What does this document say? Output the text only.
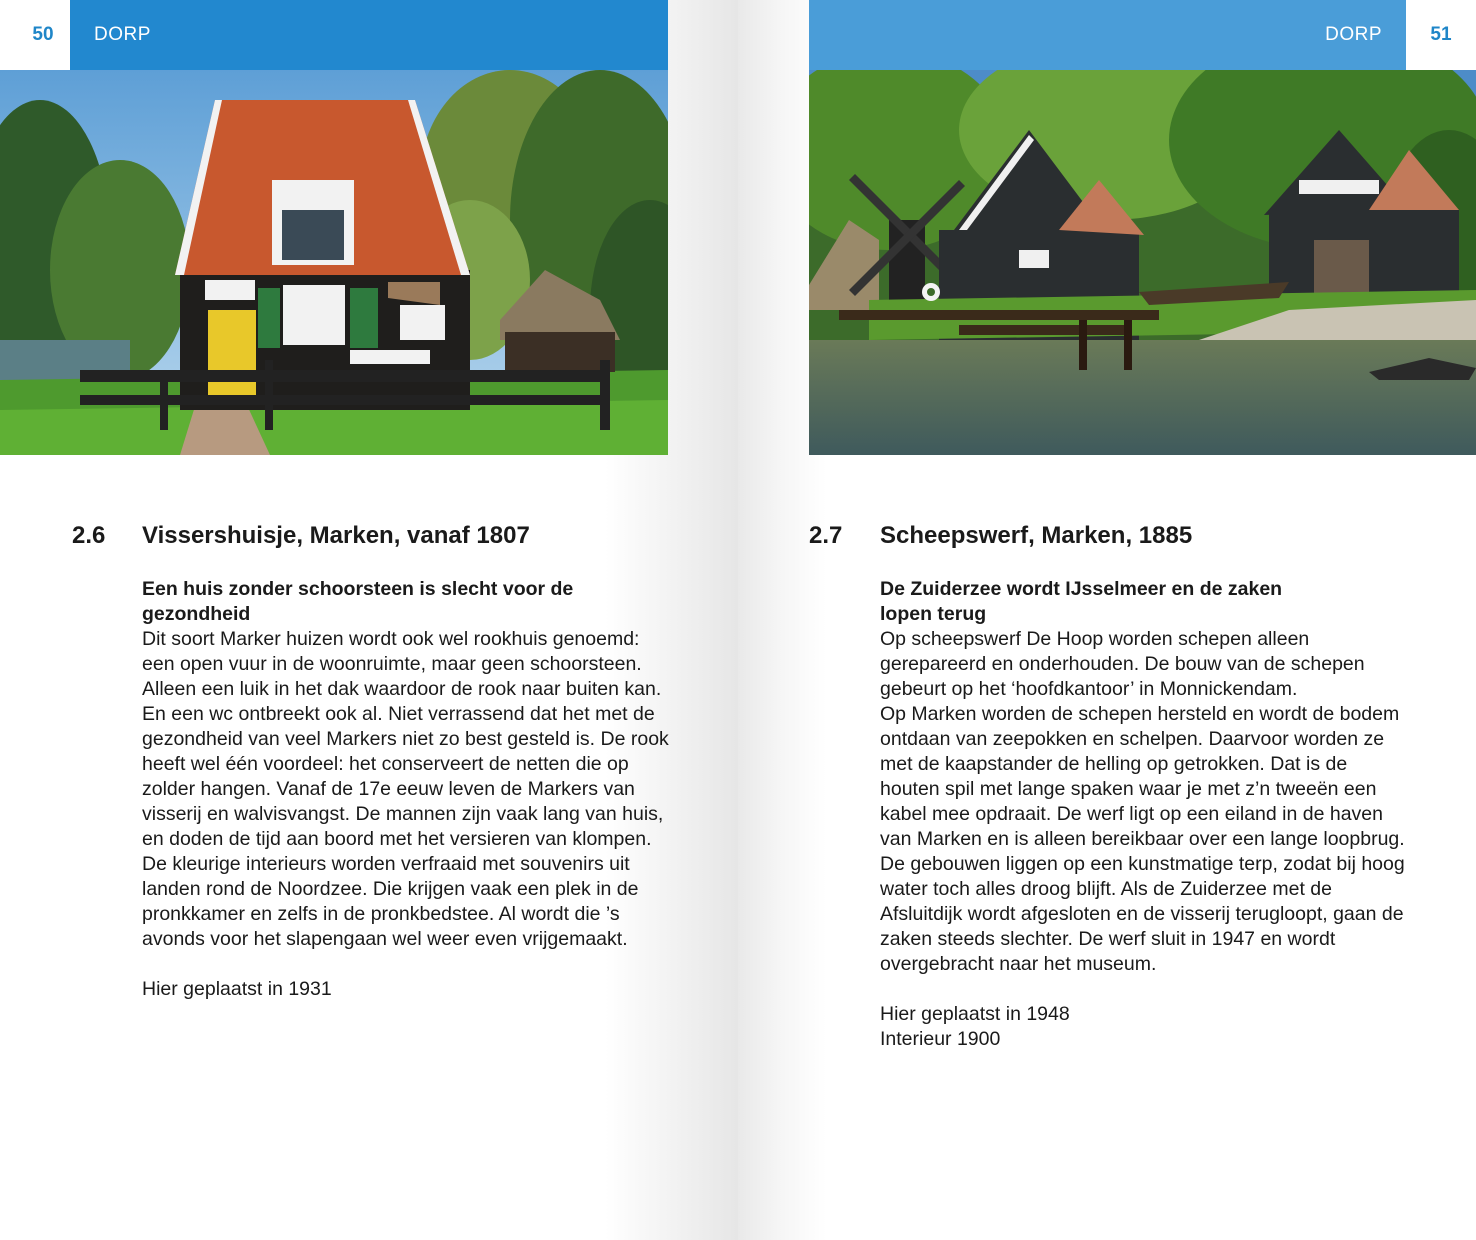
50	DORP
2.6 Vissershuisje, Marken, vanaf 1807
Een huis zonder schoorsteen is slecht voor de gezondheid
Dit soort Marker huizen wordt ook wel rookhuis genoemd: een open vuur in de woonruimte, maar geen schoorsteen. Alleen een luik in het dak waardoor de rook naar buiten kan. En een wc ontbreekt ook al. Niet verrassend dat het met de gezondheid van veel Markers niet zo best gesteld is. De rook heeft wel één voordeel: het conserveert de netten die op zolder hangen. Vanaf de 17e eeuw leven de Markers van visserij en walvisvangst. De mannen zijn vaak lang van huis, en doden de tijd aan boord met het versieren van klompen. De kleurige interieurs worden verfraaid met souvenirs uit landen rond de Noordzee. Die krijgen vaak een plek in de pronkkamer en zelfs in de pronkbedstee. Al wordt die ’s avonds voor het slapengaan wel weer even vrijgemaakt.
Hier geplaatst in 1931
DORP	51
2.7 Scheepswerf, Marken, 1885
De Zuiderzee wordt IJsselmeer en de zaken lopen terug
Op scheepswerf De Hoop worden schepen alleen gerepareerd en onderhouden. De bouw van de schepen gebeurt op het ‘hoofdkantoor’ in Monnickendam.
Op Marken worden de schepen hersteld en wordt de bodem ontdaan van zeepokken en schelpen. Daarvoor worden ze met de kaapstander de helling op getrokken. Dat is de houten spil met lange spaken waar je met z’n tweeën een kabel mee opdraait. De werf ligt op een eiland in de haven van Marken en is alleen bereikbaar over een lange loopbrug. De gebouwen liggen op een kunstmatige terp, zodat bij hoog water toch alles droog blijft. Als de Zuiderzee met de Afsluitdijk wordt afgesloten en de visserij terugloopt, gaan de zaken steeds slechter. De werf sluit in 1947 en wordt overgebracht naar het museum.
Hier geplaatst in 1948
Interieur 1900
